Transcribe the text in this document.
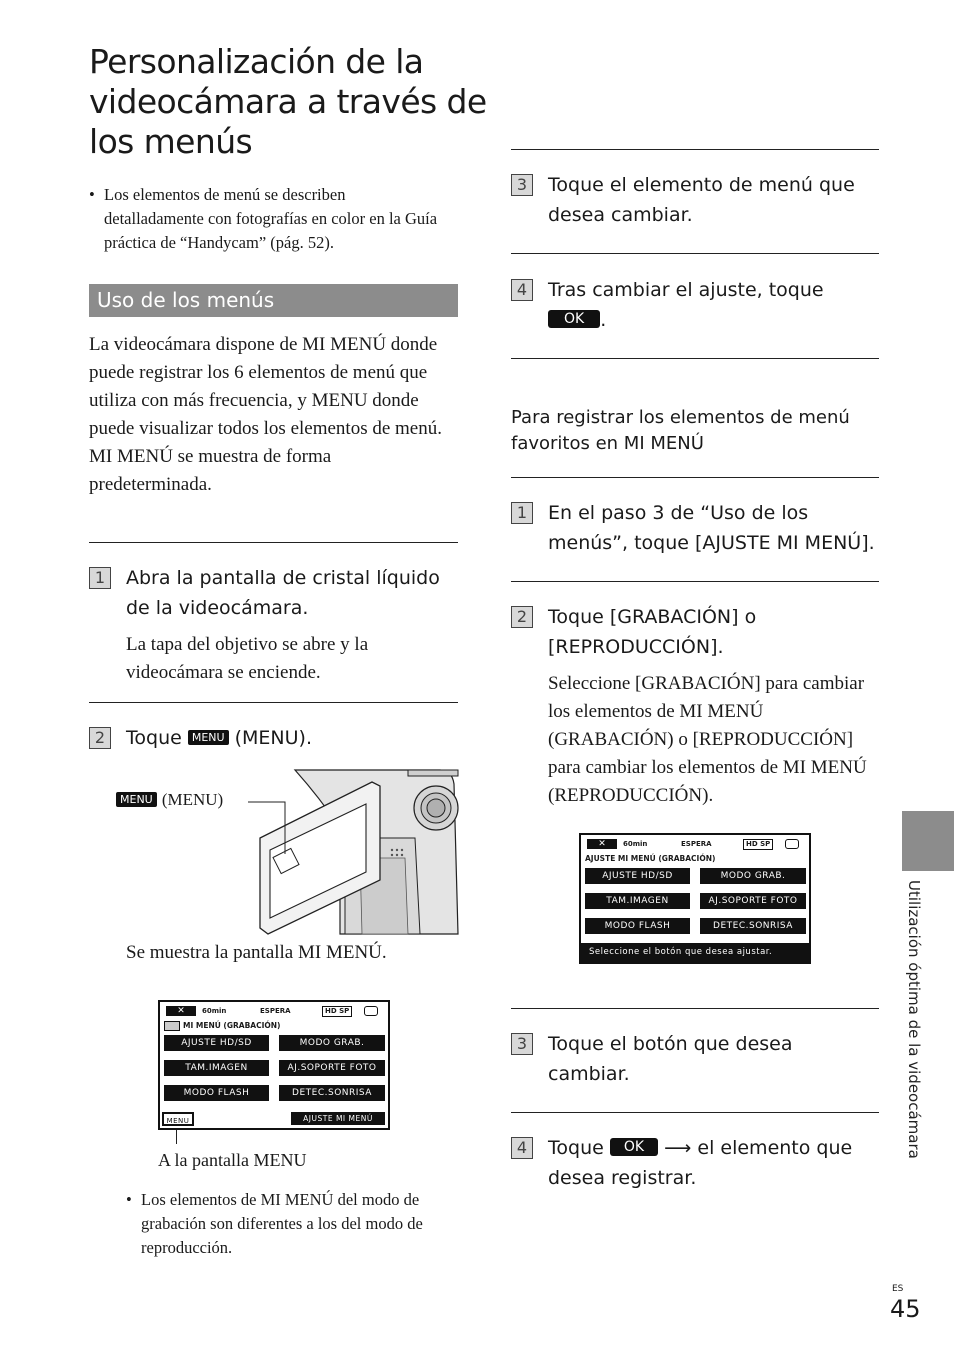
Personalización de la videocámara a través de los menús
• Los elementos de menú se describen detalladamente con fotografías en color en la Guía práctica de “Handycam” (pág. 52).
Uso de los menús
La videocámara dispone de MI MENÚ donde puede registrar los 6 elementos de menú que utiliza con más frecuencia, y MENU donde puede visualizar todos los elementos de menú.
MI MENÚ se muestra de forma predeterminada.
1	Abra la pantalla de cristal líquido de la videocámara.
La tapa del objetivo se abre y la videocámara se enciende.
2	Toque MENU (MENU).
MENU (MENU)
Se muestra la pantalla MI MENÚ.
✕	60min	ESPERA	HD SP
MI MENÚ (GRABACIÓN)
AJUSTE HD/SD	MODO GRAB.
TAM.IMAGEN	AJ.SOPORTE FOTO
MODO FLASH	DETEC.SONRISA
MENU	AJUSTE MI MENÚ
A la pantalla MENU
• Los elementos de MI MENÚ del modo de grabación son diferentes a los del modo de reproducción.
3	Toque el elemento de menú que desea cambiar.
4	Tras cambiar el ajuste, toque
OK .
Para registrar los elementos de menú favoritos en MI MENÚ
1	En el paso 3 de “Uso de los menús”, toque [AJUSTE MI MENÚ].
2	Toque [GRABACIÓN] o [REPRODUCCIÓN].
Seleccione [GRABACIÓN] para cambiar los elementos de MI MENÚ (GRABACIÓN) o [REPRODUCCIÓN] para cambiar los elementos de MI MENÚ (REPRODUCCIÓN).
✕	60min	ESPERA	HD SP
AJUSTE MI MENÚ (GRABACIÓN)
AJUSTE HD/SD	MODO GRAB.
TAM.IMAGEN	AJ.SOPORTE FOTO
MODO FLASH	DETEC.SONRISA
Seleccione el botón que desea ajustar.
3	Toque el botón que desea cambiar.
4	Toque OK ⟶ el elemento que desea registrar.
Utilización óptima de la videocámara
ES
45
